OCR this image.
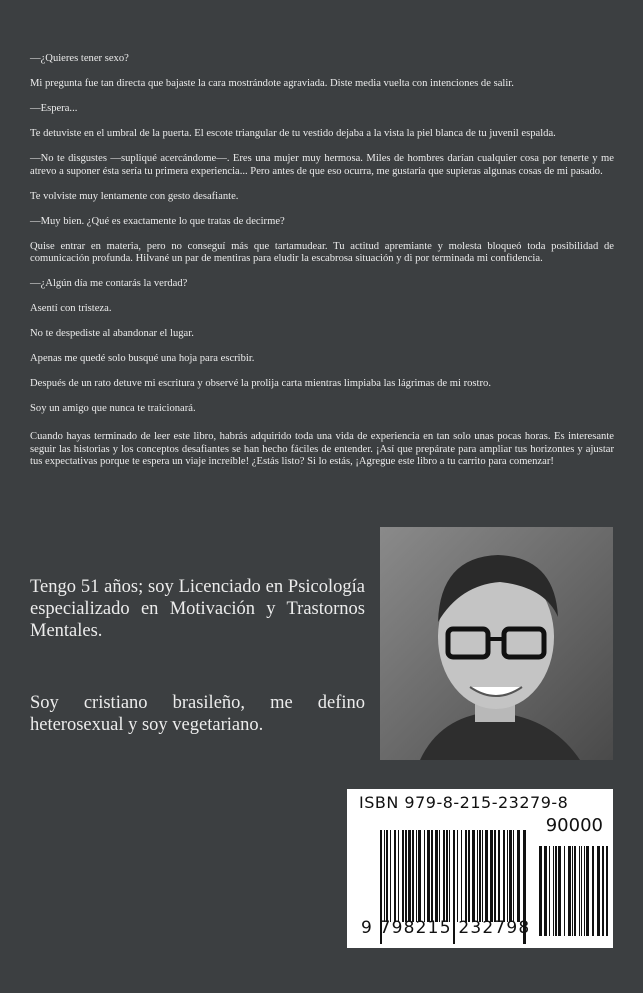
—¿Quieres tener sexo?

Mi pregunta fue tan directa que bajaste la cara mostrándote agraviada. Diste media vuelta con intenciones de salir.

—Espera...

Te detuviste en el umbral de la puerta. El escote triangular de tu vestido dejaba a la vista la piel blanca de tu juvenil espalda.

—No te disgustes —supliqué acercándome—. Eres una mujer muy hermosa. Miles de hombres darían cualquier cosa por tenerte y me atrevo a suponer ésta sería tu primera experiencia... Pero antes de que eso ocurra, me gustaría que supieras algunas cosas de mi pasado.

Te volviste muy lentamente con gesto desafiante.

—Muy bien. ¿Qué es exactamente lo que tratas de decirme?

Quise entrar en materia, pero no conseguí más que tartamudear. Tu actitud apremiante y molesta bloqueó toda posibilidad de comunicación profunda. Hilvané un par de mentiras para eludir la escabrosa situación y di por terminada mi confidencia.

—¿Algún día me contarás la verdad?

Asentí con tristeza.

No te despediste al abandonar el lugar.

Apenas me quedé solo busqué una hoja para escribir.

Después de un rato detuve mi escritura y observé la prolija carta mientras limpiaba las lágrimas de mi rostro.

Soy un amigo que nunca te traicionará.

Cuando hayas terminado de leer este libro, habrás adquirido toda una vida de experiencia en tan solo unas pocas horas. Es interesante seguir las historias y los conceptos desafiantes se han hecho fáciles de entender. ¡Así que prepárate para ampliar tus horizontes y ajustar tus expectativas porque te espera un viaje increíble! ¿Estás listo? Si lo estás, ¡Agregue este libro a tu carrito para comenzar!

Tengo 51 años; soy Licenciado en Psicología especializado en Motivación y Trastornos Mentales.

Soy cristiano brasileño, me defino heterosexual y soy vegetariano.

ISBN 979-8-215-23279-8
90000
9 798215 232798
